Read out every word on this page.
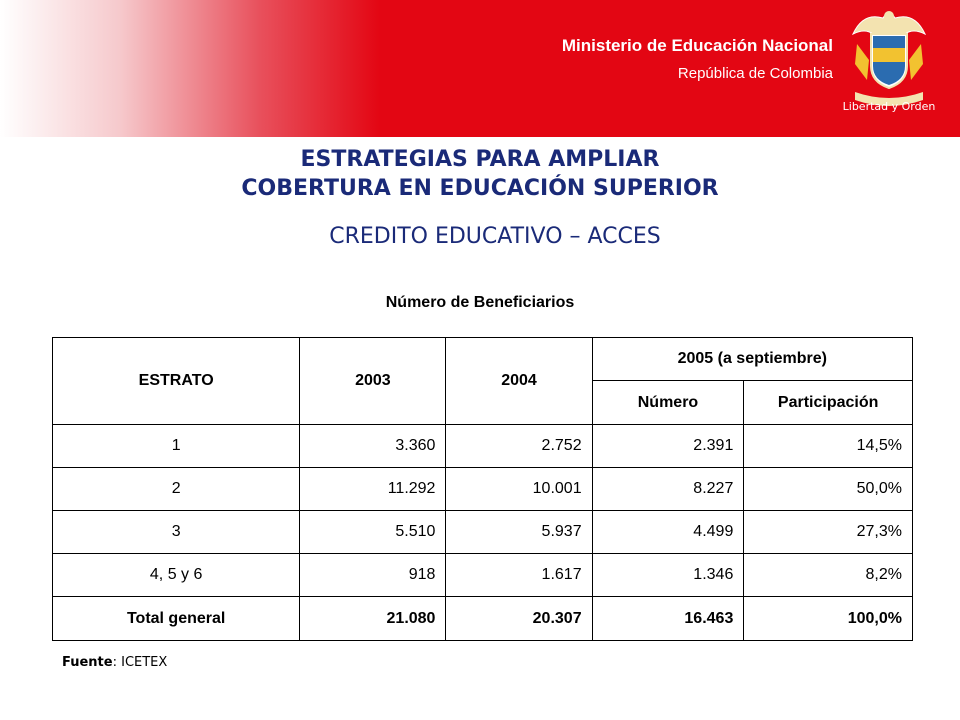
Ministerio de Educación Nacional
República de Colombia
Libertad y Orden
ESTRATEGIAS PARA AMPLIAR
COBERTURA EN EDUCACIÓN SUPERIOR
CREDITO EDUCATIVO – ACCES
Número de Beneficiarios
ESTRATO	2003	2004	2005 (a septiembre)	
			Número	Participación
1	3.360	2.752	2.391	14,5%
2	11.292	10.001	8.227	50,0%
3	5.510	5.937	4.499	27,3%
4, 5 y 6	918	1.617	1.346	8,2%
Total general	21.080	20.307	16.463	100,0%
Fuente: ICETEX
